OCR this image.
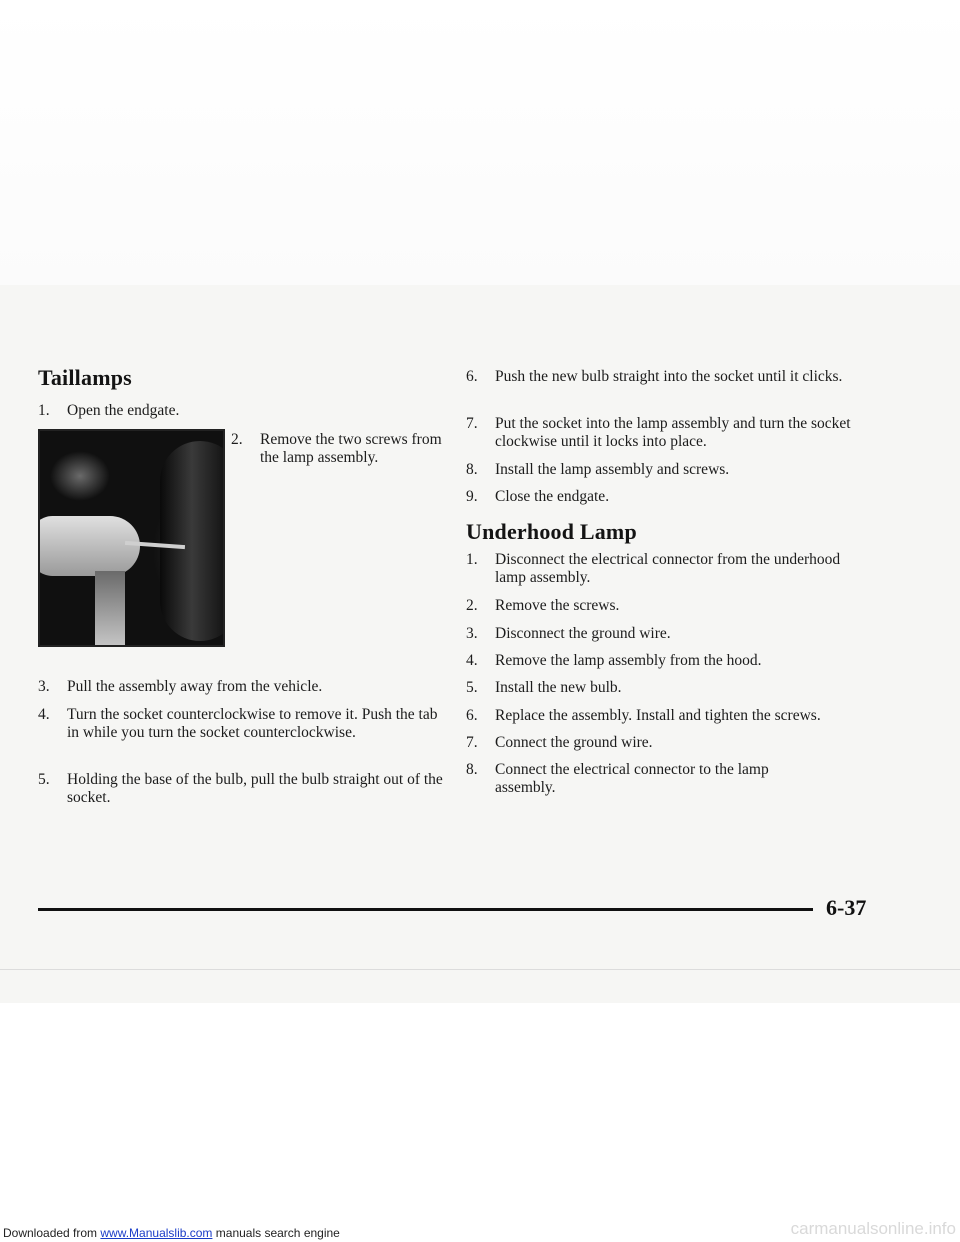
Taillamps
1. Open the endgate.
2. Remove the two screws from the lamp assembly.
3. Pull the assembly away from the vehicle.
4. Turn the socket counterclockwise to remove it. Push the tab in while you turn the socket counterclockwise.
5. Holding the base of the bulb, pull the bulb straight out of the socket.
6. Push the new bulb straight into the socket until it clicks.
7. Put the socket into the lamp assembly and turn the socket clockwise until it locks into place.
8. Install the lamp assembly and screws.
9. Close the endgate.
Underhood Lamp
1. Disconnect the electrical connector from the underhood lamp assembly.
2. Remove the screws.
3. Disconnect the ground wire.
4. Remove the lamp assembly from the hood.
5. Install the new bulb.
6. Replace the assembly. Install and tighten the screws.
7. Connect the ground wire.
8. Connect the electrical connector to the lamp assembly.
6-37
Downloaded from www.Manualslib.com manuals search engine	carmanualsonline.info
